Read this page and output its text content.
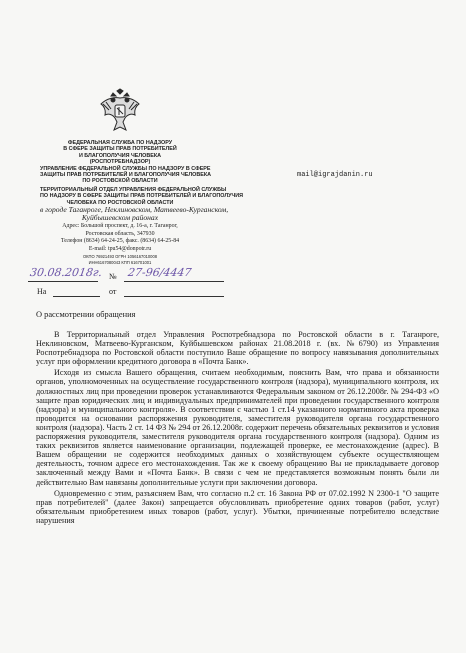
ФЕДЕРАЛЬНАЯ СЛУЖБА ПО НАДЗОРУ
В СФЕРЕ ЗАЩИТЫ ПРАВ ПОТРЕБИТЕЛЕЙ
И БЛАГОПОЛУЧИЯ ЧЕЛОВЕКА
(РОСПОТРЕБНАДЗОР)
УПРАВЛЕНИЕ ФЕДЕРАЛЬНОЙ СЛУЖБЫ ПО НАДЗОРУ В СФЕРЕ
ЗАЩИТЫ ПРАВ ПОТРЕБИТЕЛЕЙ И БЛАГОПОЛУЧИЯ ЧЕЛОВЕКА
ПО РОСТОВСКОЙ ОБЛАСТИ
ТЕРРИТОРИАЛЬНЫЙ ОТДЕЛ УПРАВЛЕНИЯ ФЕДЕРАЛЬНОЙ СЛУЖБЫ
ПО НАДЗОРУ В СФЕРЕ ЗАЩИТЫ ПРАВ ПОТРЕБИТЕЛЕЙ И БЛАГОПОЛУЧИЯ
ЧЕЛОВЕКА ПО РОСТОВСКОЙ ОБЛАСТИ
в городе Таганроге, Неклиновском, Матвеево-Курганском,
Куйбышевском районах
Адрес: Большой проспект, д. 16-а, г. Таганрог,
Ростовская область, 347930
Телефон (8634) 64-24-25, факс. (8634) 64-25-84
E-mail: tpu54@donpotr.ru
ОКПО 76921493 ОГРН 1056167010008
ИНН6167080043 КПП 616701001
mail@igrajdanin.ru
30.08.2018г. № 27-96/4447
На	от
О рассмотрении обращения

В Территориальный отдел Управления Роспотребнадзора по Ростовской области в г. Таганроге, Неклиновском, Матвеево-Курганском, Куйбышевском районах 21.08.2018 г. (вх. №6790) из Управления Роспотребнадзора по Ростовской области поступило Ваше обращение по вопросу навязывания дополнительных услуг при оформлении кредитного договора в «Почта Банк».

Исходя из смысла Вашего обращения, считаем необходимым, пояснить Вам, что права и обязанности органов, уполномоченных на осуществление государственного контроля (надзора), муниципального контроля, их должностных лиц при проведении проверок устанавливаются Федеральным законом от 26.12.2008г. № 294-ФЗ «О защите прав юридических лиц и индивидуальных предпринимателей при проведении государственного контроля (надзора) и муниципального контроля». В соответствии с частью 1 ст.14 указанного нормативного акта проверка проводится на основании распоряжения руководителя, заместителя руководителя органа государственного контроля (надзора). Часть 2 ст. 14 ФЗ № 294 от 26.12.2008г. содержит перечень обязательных реквизитов и условия распоряжения руководителя, заместителя руководителя органа государственного контроля (надзора). Одним из таких реквизитов является наименование организации, подлежащей проверке, ее местонахождение (адрес). В Вашем обращении не содержится необходимых данных о хозяйствующем субъекте осуществляющем деятельность, точном адресе его местонахождения. Так же к своему обращению Вы не прикладываете договор заключенный между Вами и «Почта Банк». В связи с чем не представляется возможным понять были ли действительно Вам навязаны дополнительные услуги при заключении договора.

Одновременно с этим, разъясняем Вам, что согласно п.2 ст. 16 Закона РФ от 07.02.1992 N 2300-1 "О защите прав потребителей" (далее Закон) запрещается обусловливать приобретение одних товаров (работ, услуг) обязательным приобретением иных товаров (работ, услуг). Убытки, причиненные потребителю вследствие нарушения
